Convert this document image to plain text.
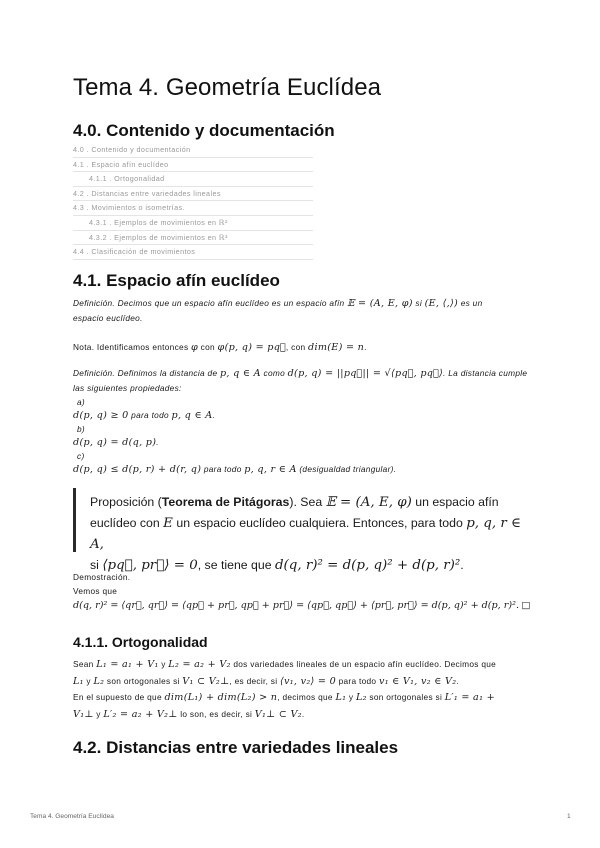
Tema 4. Geometría Euclídea
4.0. Contenido y documentación
4.0 . Contenido y documentación
4.1 . Espacio afín euclídeo
4.1.1 . Ortogonalidad
4.2 . Distancias entre variedades lineales
4.3 . Movimientos o isometrías.
4.3.1 . Ejemplos de movimientos en ℝ²
4.3.2 . Ejemplos de movimientos en ℝ³
4.4 . Clasificación de movimientos
4.1. Espacio afín euclídeo
Definición. Decimos que un espacio afín euclídeo es un espacio afín 𝔼 = (A, E, φ) si (E, ⟨,⟩) es un
espacio euclídeo.
Nota. Identificamos entonces φ con φ(p, q) = pq⃗, con dim(E) = n.
Definición. Definimos la distancia de p, q ∈ A como d(p, q) = ||pq⃗|| = √⟨pq⃗, pq⃗⟩. La distancia cumple
las siguientes propiedades:
a)
d(p, q) ≥ 0 para todo p, q ∈ A.
b)
d(p, q) = d(q, p).
c)
d(p, q) ≤ d(p, r) + d(r, q) para todo p, q, r ∈ A (desigualdad triangular).
Proposición (Teorema de Pitágoras). Sea 𝔼 = (A, E, φ) un espacio afín
euclídeo con E un espacio euclídeo cualquiera. Entonces, para todo p, q, r ∈ A,
si ⟨pq⃗, pr⃗⟩ = 0, se tiene que d(q, r)² = d(p, q)² + d(p, r)².
Demostración.
Vemos que
d(q, r)² = ⟨qr⃗, qr⃗⟩ = ⟨qp⃗ + pr⃗, qp⃗ + pr⃗⟩ = ⟨qp⃗, qp⃗⟩ + ⟨pr⃗, pr⃗⟩ = d(p, q)² + d(p, r)². □
4.1.1. Ortogonalidad
Sean L₁ = a₁ + V₁ y L₂ = a₂ + V₂ dos variedades lineales de un espacio afín euclídeo. Decimos que
L₁ y L₂ son ortogonales si V₁ ⊂ V₂⊥, es decir, si ⟨v₁, v₂⟩ = 0 para todo v₁ ∈ V₁, v₂ ∈ V₂.
En el supuesto de que dim(L₁) + dim(L₂) > n, decimos que L₁ y L₂ son ortogonales si L′₁ = a₁ +
V₁⊥ y L′₂ = a₂ + V₂⊥ lo son, es decir, si V₁⊥ ⊂ V₂.
4.2. Distancias entre variedades lineales
Tema 4. Geometría Euclídea	1
